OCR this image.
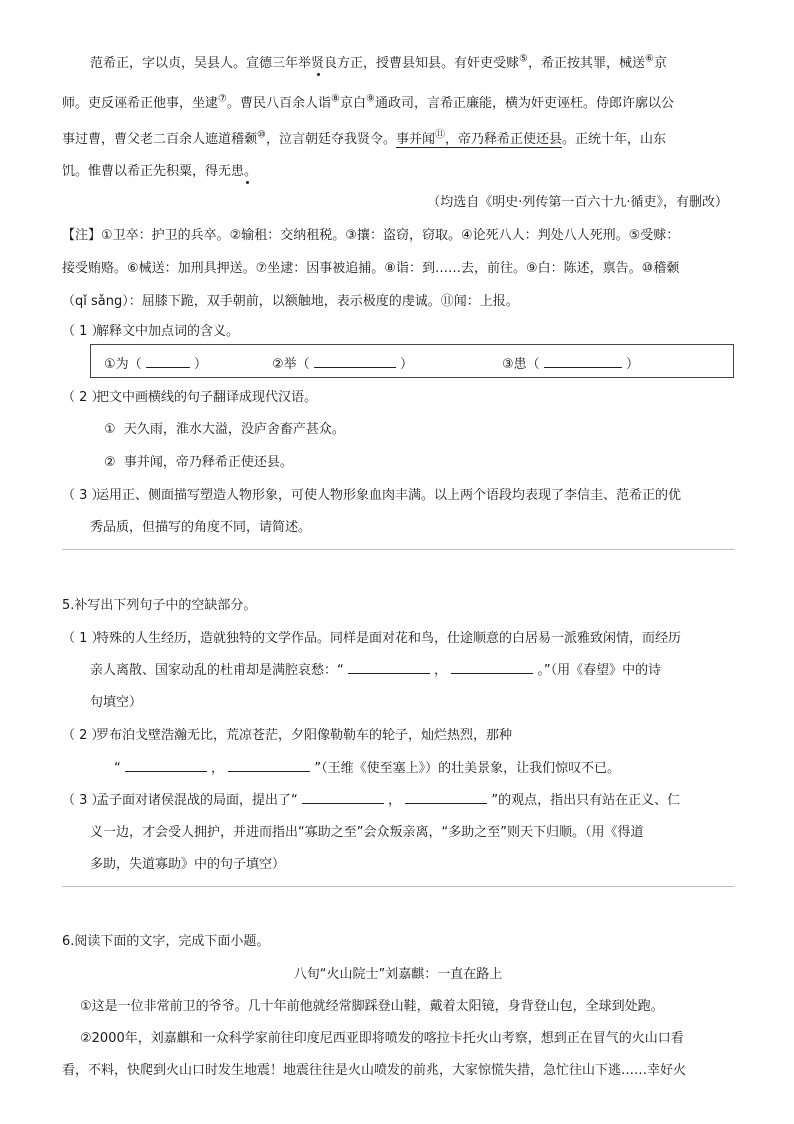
范希正，字以贞，吴县人。宣德三年举贤良方正，授曹县知县。有奸吏受赇⑤，希正按其罪，械送⑥京
师。吏反诬希正他事，坐逮⑦。曹民八百余人诣⑧京白⑨通政司，言希正廉能，横为奸吏诬枉。侍郎许廓以公
事过曹，曹父老二百余人遮道稽颡⑩，泣言朝廷夺我贤令。事并闻⑪，帝乃释希正使还县。正统十年，山东
饥。惟曹以希正先积粟，得无患。
（均选自《明史·列传第一百六十九·循吏》，有删改）
【注】①卫卒：护卫的兵卒。②输租：交纳租税。③攘：盗窃，窃取。④论死八人：判处八人死刑。⑤受赇：
接受贿赂。⑥械送：加刑具押送。⑦坐逮：因事被追捕。⑧诣：到……去，前往。⑨白：陈述，禀告。⑩稽颡
（qǐ sǎng）：屈膝下跪，双手朝前，以额触地，表示极度的虔诚。⑪闻：上报。
（ 1 ）解释文中加点词的含义。
①为（	）	②举（	）	③患（	）
（ 2 ）把文中画横线的句子翻译成现代汉语。
① 天久雨，淮水大溢，没庐舍畜产甚众。
② 事并闻，帝乃释希正使还县。
（ 3 ）运用正、侧面描写塑造人物形象，可使人物形象血肉丰满。以上两个语段均表现了李信圭、范希正的优
秀品质，但描写的角度不同，请简述。
5.补写出下列句子中的空缺部分。
（ 1 ）特殊的人生经历，造就独特的文学作品。同样是面对花和鸟，仕途顺意的白居易一派雅致闲情，而经历
亲人离散、国家动乱的杜甫却是满腔哀愁：“	，	。”（用《春望》中的诗
句填空）
（ 2 ）罗布泊戈壁浩瀚无比，荒凉苍茫，夕阳像勒勒车的轮子，灿烂热烈，那种
“	，	”（王维《使至塞上》）的壮美景象，让我们惊叹不已。
（ 3 ）孟子面对诸侯混战的局面，提出了“	，	”的观点，指出只有站在正义、仁
义一边，才会受人拥护，并进而指出“寡助之至”会众叛亲离，“多助之至”则天下归顺。（用《得道
多助，失道寡助》中的句子填空）
6.阅读下面的文字，完成下面小题。
八旬“火山院士”刘嘉麒：一直在路上
①这是一位非常前卫的爷爷。几十年前他就经常脚踩登山鞋，戴着太阳镜，身背登山包，全球到处跑。
②2000年，刘嘉麒和一众科学家前往印度尼西亚即将喷发的喀拉卡托火山考察，想到正在冒气的火山口看
看，不料，快爬到火山口时发生地震！地震往往是火山喷发的前兆，大家惊慌失措，急忙往山下逃……幸好火
